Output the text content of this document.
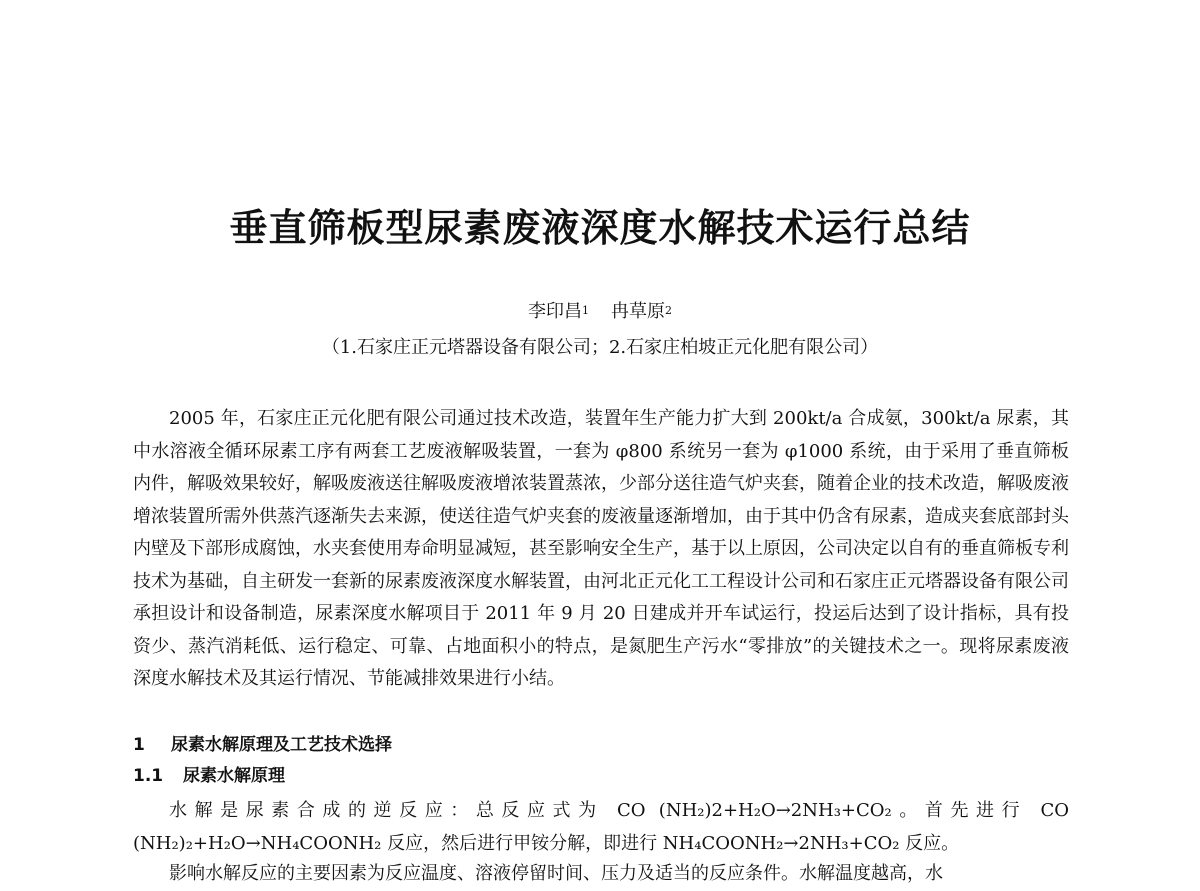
垂直筛板型尿素废液深度水解技术运行总结
李印昌$^1$ 冉草原$^2$
（1.石家庄正元塔器设备有限公司；2.石家庄柏坡正元化肥有限公司）

2005 年，石家庄正元化肥有限公司通过技术改造，装置年生产能力扩大到 200kt/a 合成氨，300kt/a 尿素，其中水溶液全循环尿素工序有两套工艺废液解吸装置，一套为 φ800 系统另一套为 φ1000 系统，由于采用了垂直筛板内件，解吸效果较好，解吸废液送往解吸废液增浓装置蒸浓，少部分送往造气炉夹套，随着企业的技术改造，解吸废液增浓装置所需外供蒸汽逐渐失去来源，使送往造气炉夹套的废液量逐渐增加，由于其中仍含有尿素，造成夹套底部封头内壁及下部形成腐蚀，水夹套使用寿命明显减短，甚至影响安全生产，基于以上原因，公司决定以自有的垂直筛板专利技术为基础，自主研发一套新的尿素废液深度水解装置，由河北正元化工工程设计公司和石家庄正元塔器设备有限公司承担设计和设备制造，尿素深度水解项目于 2011 年 9 月 20 日建成并开车试运行，投运后达到了设计指标，具有投资少、蒸汽消耗低、运行稳定、可靠、占地面积小的特点，是氮肥生产污水“零排放”的关键技术之一。现将尿素废液深度水解技术及其运行情况、节能减排效果进行小结。

1 尿素水解原理及工艺技术选择
1.1 尿素水解原理

水解是尿素合成的逆反应：总反应式为 CO (NH₂)2+H₂O→2NH₃+CO₂。首先进行 CO (NH₂)₂+H₂O→NH₄COONH₂ 反应，然后进行甲铵分解，即进行 NH₄COONH₂→2NH₃+CO₂ 反应。

影响水解反应的主要因素为反应温度、溶液停留时间、压力及适当的反应条件。水解温度越高，水
